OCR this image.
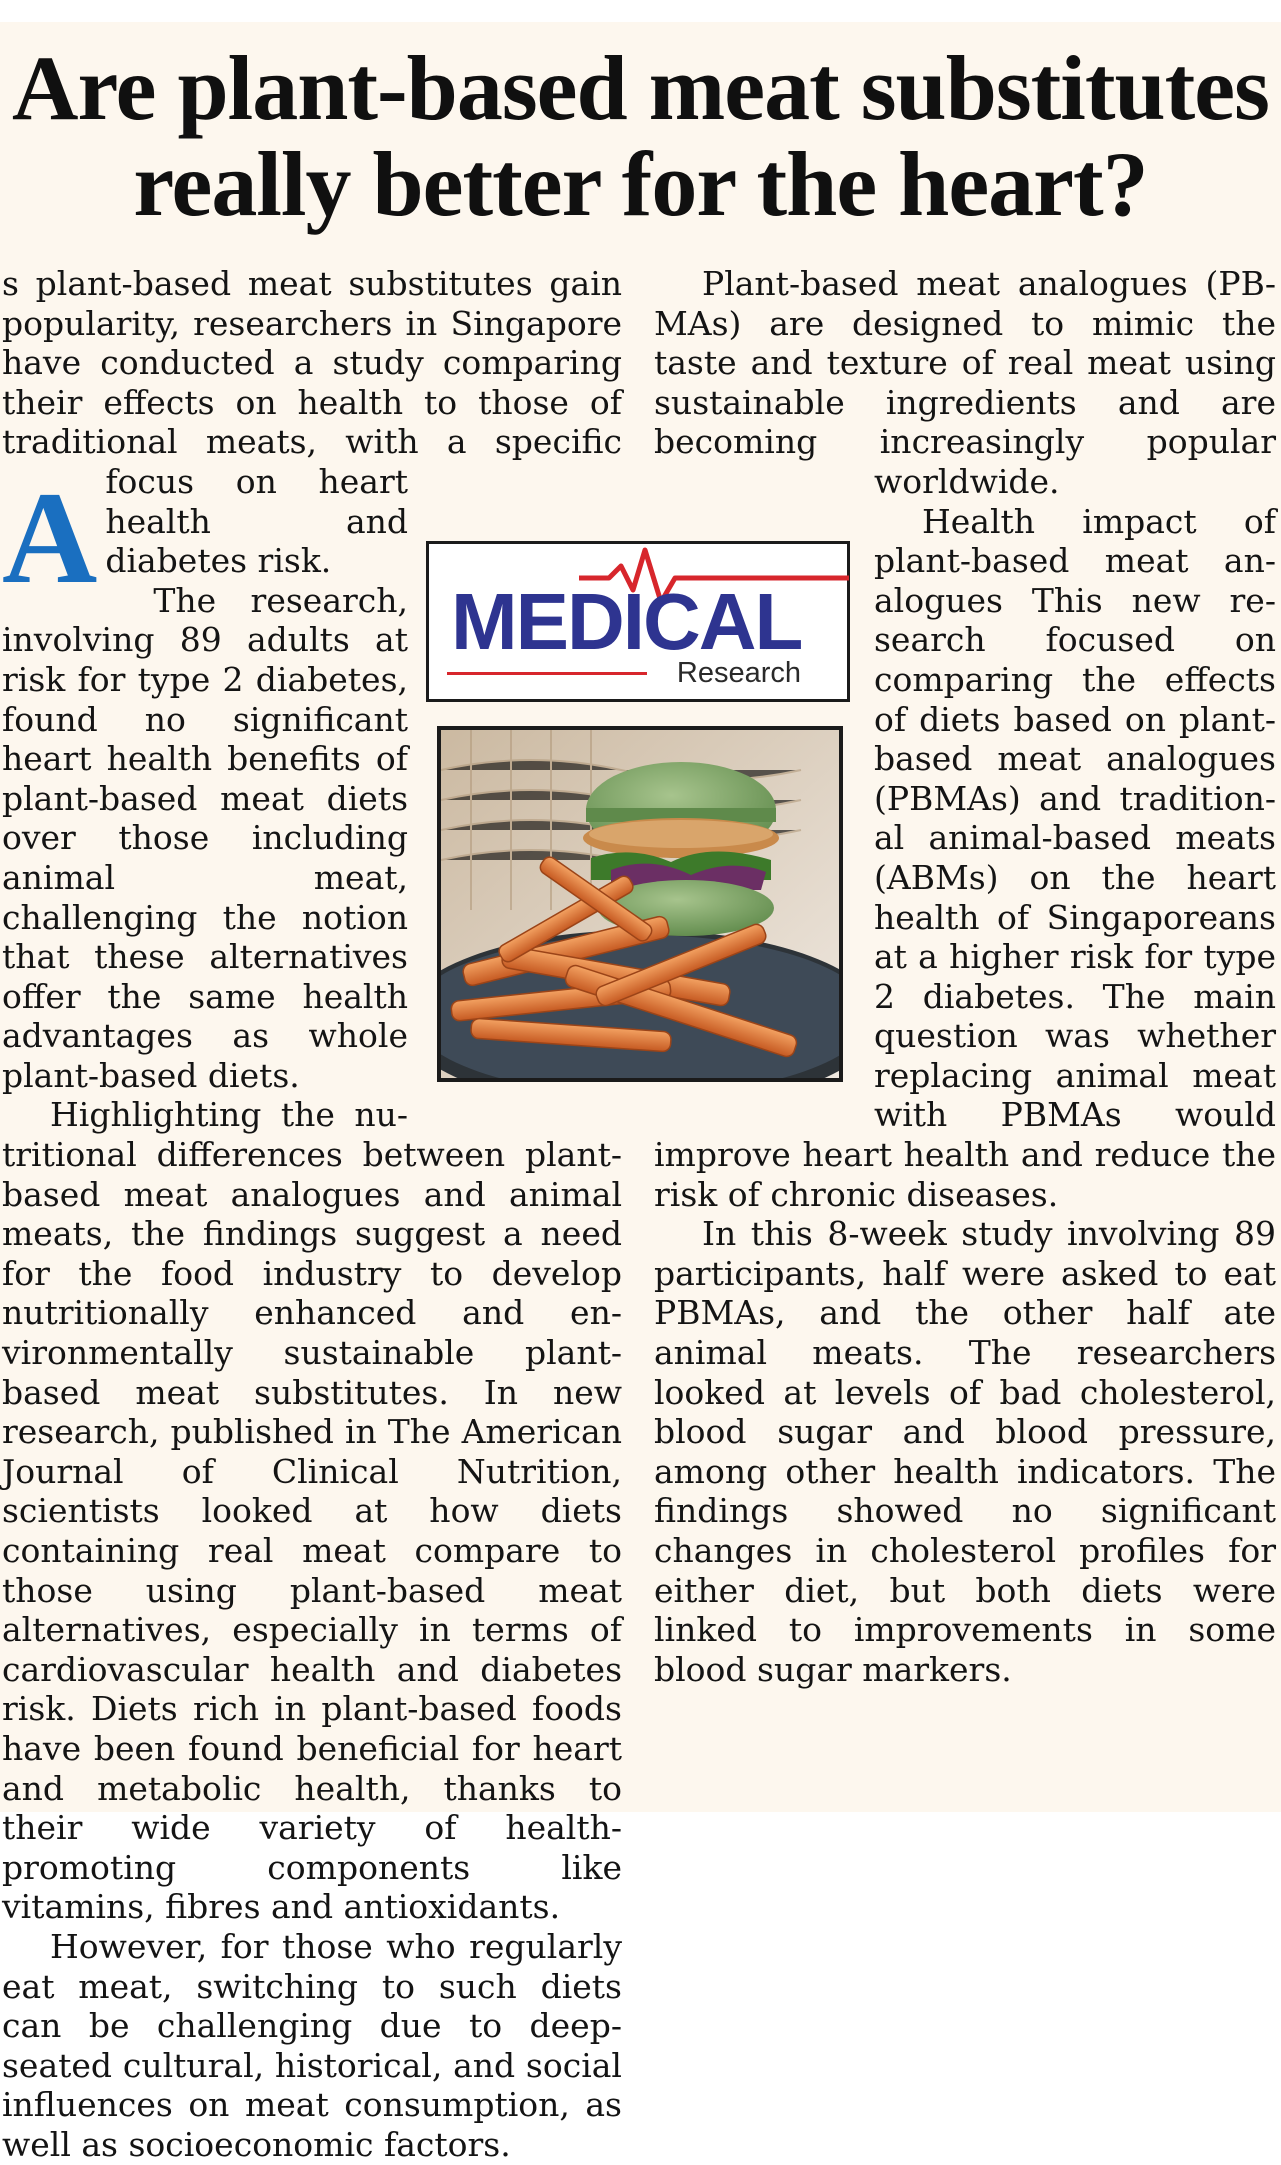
Are plant-based meat substitutes
really better for the heart?

A
s plant-based meat substitutes gain popularity, researchers in Singapore have conducted a study comparing their effects on health to those of traditional meats, with a specific focus on heart health and diabetes risk.

The research, involving 89 adults at risk for type 2 diabetes, found no significant heart health benefits of plant-based meat diets over those including animal meat, challenging the notion that these alternatives offer the same health advantages as whole plant-based diets.

Highlighting the nutritional differences between plant-based meat analogues and animal meats, the findings suggest a need for the food industry to develop nutritionally enhanced and environmentally sustainable plant-based meat substitutes. In new research, published in The American Journal of Clinical Nutrition, scientists looked at how diets containing real meat compare to those using plant-based meat alternatives, especially in terms of cardiovascular health and diabetes risk. Diets rich in plant-based foods have been found beneficial for heart and metabolic health, thanks to their wide variety of health-promoting components like vitamins, fibres and antioxidants.

However, for those who regularly eat meat, switching to such diets can be challenging due to deep-seated cultural, historical, and social influences on meat consumption, as well as socioeconomic factors.

Plant-based meat analogues (PBMAs) are designed to mimic the taste and texture of real meat using sustainable ingredients and are becoming increasingly popular worldwide.

Health impact of plant-based meat analogues This new research focused on comparing the effects of diets based on plant-based meat analogues (PBMAs) and traditional animal-based meats (ABMs) on the heart health of Singaporeans at a higher risk for type 2 diabetes. The main question was whether replacing animal meat with PBMAs would improve heart health and reduce the risk of chronic diseases.

In this 8-week study involving 89 participants, half were asked to eat PBMAs, and the other half ate animal meats. The researchers looked at levels of bad cholesterol, blood sugar and blood pressure, among other health indicators. The findings showed no significant changes in cholesterol profiles for either diet, but both diets were linked to improvements in some blood sugar markers.

MEDICAL
Research
